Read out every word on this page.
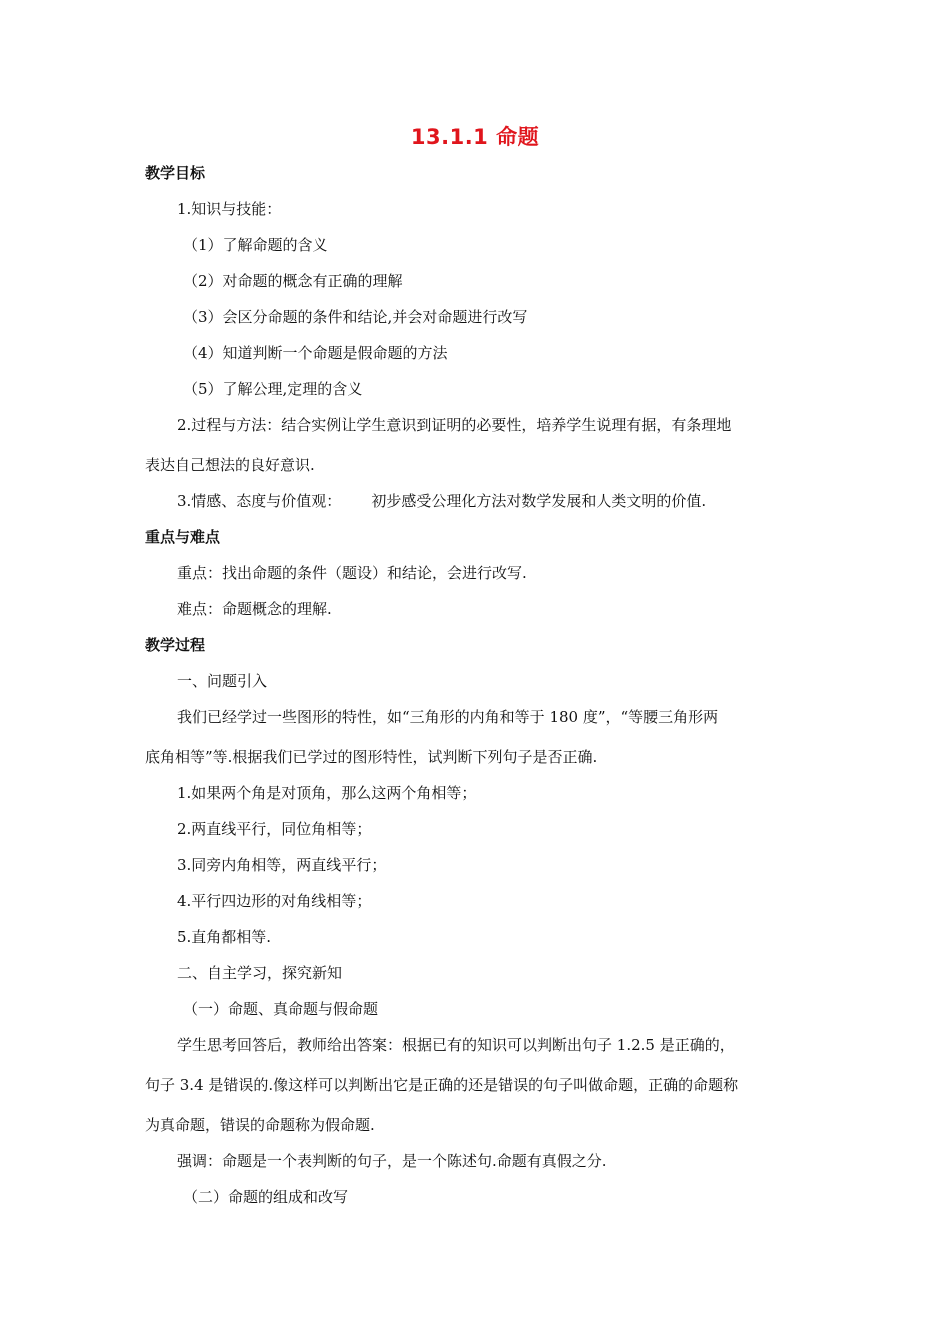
13.1.1 命题
教学目标
1.知识与技能：
（1）了解命题的含义
（2）对命题的概念有正确的理解
（3）会区分命题的条件和结论,并会对命题进行改写
（4）知道判断一个命题是假命题的方法
（5）了解公理,定理的含义
2.过程与方法：结合实例让学生意识到证明的必要性，培养学生说理有据，有条理地
表达自己想法的良好意识.
3.情感、态度与价值观： 初步感受公理化方法对数学发展和人类文明的价值.
重点与难点
重点：找出命题的条件（题设）和结论，会进行改写.
难点：命题概念的理解.
教学过程
一、问题引入
我们已经学过一些图形的特性，如“三角形的内角和等于 180 度”，“等腰三角形两
底角相等”等.根据我们已学过的图形特性，试判断下列句子是否正确.
1.如果两个角是对顶角，那么这两个角相等；
2.两直线平行，同位角相等；
3.同旁内角相等，两直线平行；
4.平行四边形的对角线相等；
5.直角都相等.
二、自主学习，探究新知
（一）命题、真命题与假命题
学生思考回答后，教师给出答案：根据已有的知识可以判断出句子 1.2.5 是正确的，
句子 3.4 是错误的.像这样可以判断出它是正确的还是错误的句子叫做命题，正确的命题称
为真命题，错误的命题称为假命题.
强调：命题是一个表判断的句子，是一个陈述句.命题有真假之分.
（二）命题的组成和改写
